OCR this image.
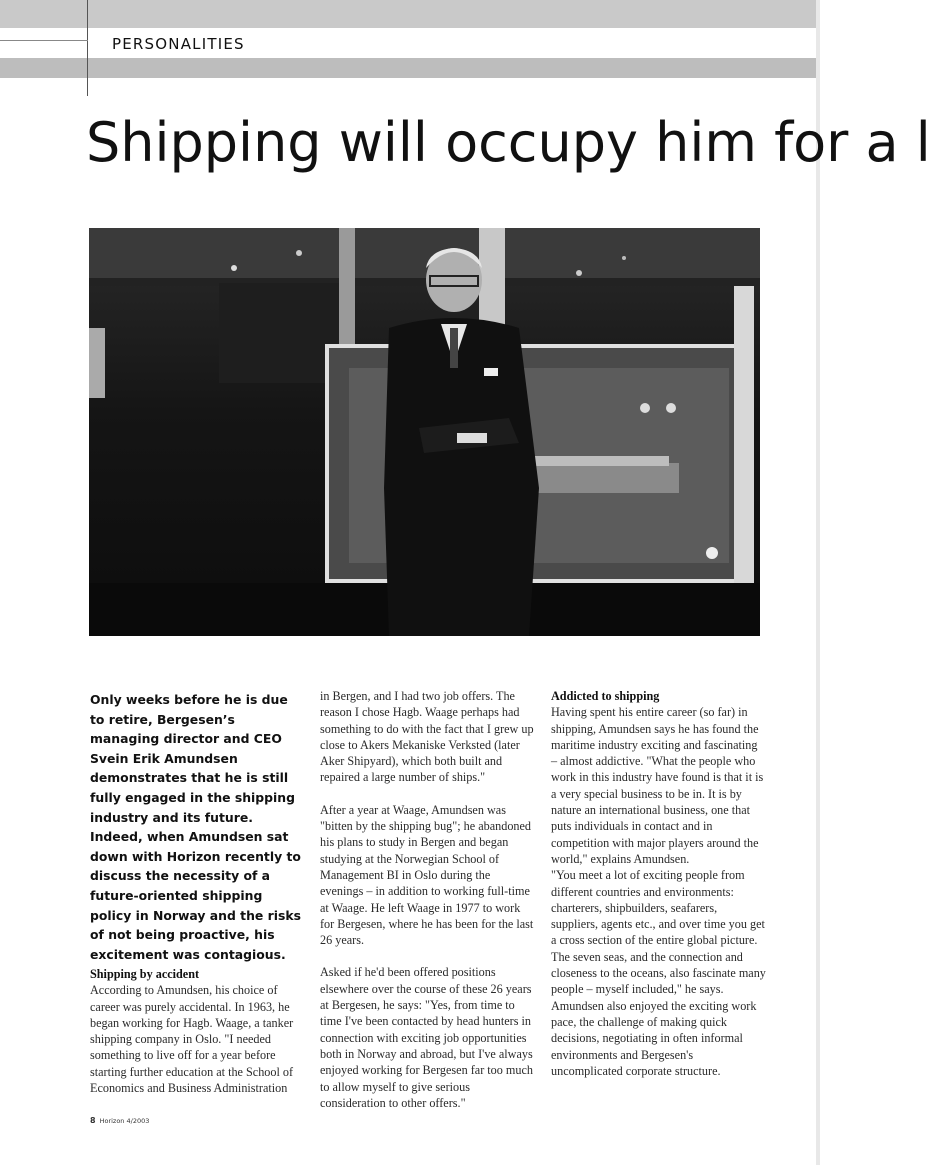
PERSONALITIES
Shipping will occupy him for a l
Only weeks before he is due to retire, Bergesen’s managing director and CEO Svein Erik Amundsen demonstrates that he is still fully engaged in the shipping industry and its future. Indeed, when Amundsen sat down with Horizon recently to discuss the necessity of a future-oriented shipping policy in Norway and the risks of not being proactive, his excitement was contagious.

Shipping by accident

According to Amundsen, his choice of career was purely accidental. In 1963, he began working for Hagb. Waage, a tanker shipping company in Oslo. "I needed something to live off for a year before starting further education at the School of Economics and Business Administration

in Bergen, and I had two job offers. The reason I chose Hagb. Waage perhaps had something to do with the fact that I grew up close to Akers Mekaniske Verksted (later Aker Shipyard), which both built and repaired a large number of ships."

After a year at Waage, Amundsen was "bitten by the shipping bug"; he abandoned his plans to study in Bergen and began studying at the Norwegian School of Management BI in Oslo during the evenings – in addition to working full-time at Waage. He left Waage in 1977 to work for Bergesen, where he has been for the last 26 years.

Asked if he'd been offered positions elsewhere over the course of these 26 years at Bergesen, he says: "Yes, from time to time I've been contacted by head hunters in connection with exciting job opportunities both in Norway and abroad, but I've always enjoyed working for Bergesen far too much to allow myself to give serious consideration to other offers."

Addicted to shipping

Having spent his entire career (so far) in shipping, Amundsen says he has found the maritime industry exciting and fascinating – almost addictive. "What the people who work in this industry have found is that it is a very special business to be in. It is by nature an international business, one that puts individuals in contact and in competition with major players around the world," explains Amundsen.

"You meet a lot of exciting people from different countries and environments: charterers, shipbuilders, seafarers, suppliers, agents etc., and over time you get a cross section of the entire global picture. The seven seas, and the connection and closeness to the oceans, also fascinate many people – myself included," he says. Amundsen also enjoyed the exciting work pace, the challenge of making quick decisions, negotiating in often informal environments and Bergesen's uncomplicated corporate structure.

8 Horizon 4/2003
